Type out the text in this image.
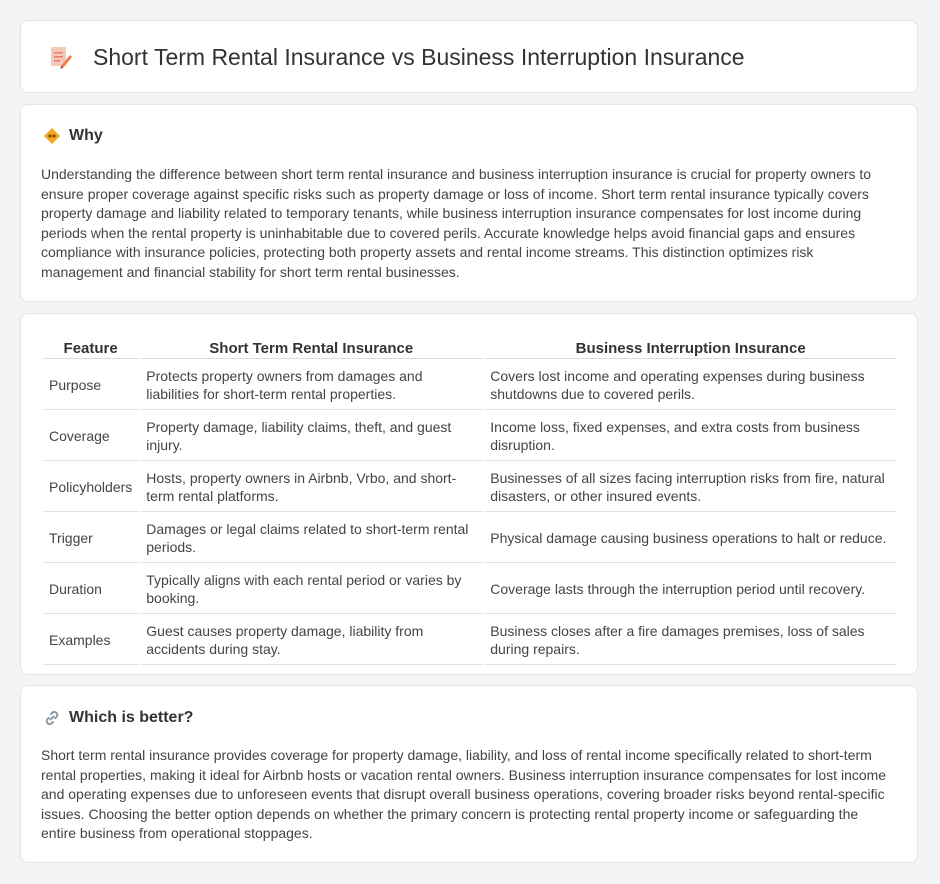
Short Term Rental Insurance vs Business Interruption Insurance
Why

Understanding the difference between short term rental insurance and business interruption insurance is crucial for property owners to ensure proper coverage against specific risks such as property damage or loss of income. Short term rental insurance typically covers property damage and liability related to temporary tenants, while business interruption insurance compensates for lost income during periods when the rental property is uninhabitable due to covered perils. Accurate knowledge helps avoid financial gaps and ensures compliance with insurance policies, protecting both property assets and rental income streams. This distinction optimizes risk management and financial stability for short term rental businesses.

Feature	Short Term Rental Insurance	Business Interruption Insurance
Purpose	Protects property owners from damages and liabilities for short-term rental properties.	Covers lost income and operating expenses during business shutdowns due to covered perils.
Coverage	Property damage, liability claims, theft, and guest injury.	Income loss, fixed expenses, and extra costs from business disruption.
Policyholders	Hosts, property owners in Airbnb, Vrbo, and short-term rental platforms.	Businesses of all sizes facing interruption risks from fire, natural disasters, or other insured events.
Trigger	Damages or legal claims related to short-term rental periods.	Physical damage causing business operations to halt or reduce.
Duration	Typically aligns with each rental period or varies by booking.	Coverage lasts through the interruption period until recovery.
Examples	Guest causes property damage, liability from accidents during stay.	Business closes after a fire damages premises, loss of sales during repairs.
Which is better?

Short term rental insurance provides coverage for property damage, liability, and loss of rental income specifically related to short-term rental properties, making it ideal for Airbnb hosts or vacation rental owners. Business interruption insurance compensates for lost income and operating expenses due to unforeseen events that disrupt overall business operations, covering broader risks beyond rental-specific issues. Choosing the better option depends on whether the primary concern is protecting rental property income or safeguarding the entire business from operational stoppages.
